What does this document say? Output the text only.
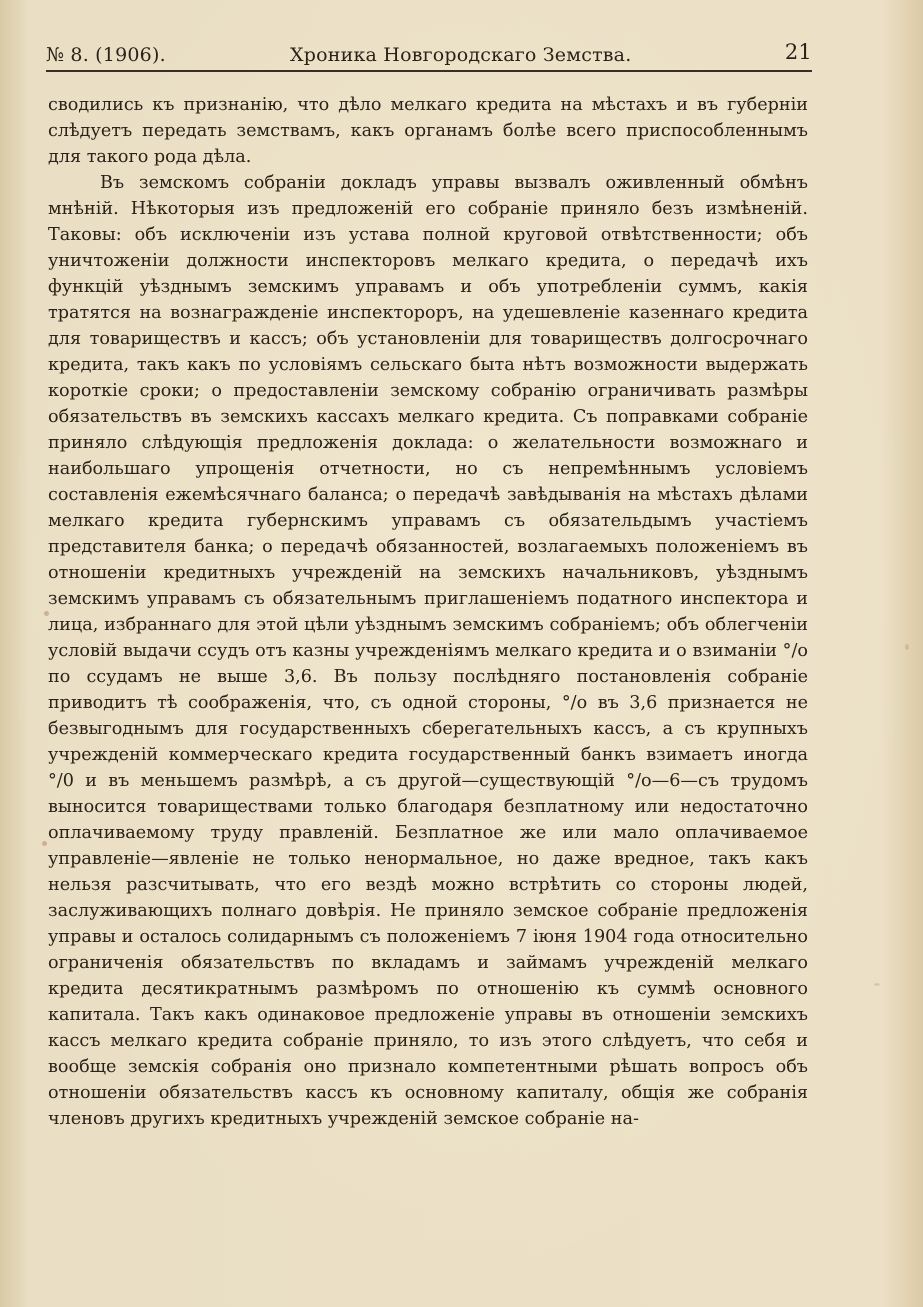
№ 8. (1906).	Хроника Новгородскаго Земства.	21

сводились къ признанію, что дѣло мелкаго кредита на мѣстахъ и въ губерніи слѣдуетъ передать земствамъ, какъ органамъ болѣе всего приспособленнымъ для такого рода дѣла.

Въ земскомъ собраніи докладъ управы вызвалъ оживленный обмѣнъ мнѣній. Нѣкоторыя изъ предложеній его собраніе приняло безъ измѣненій. Таковы: объ исключеніи изъ устава полной круговой отвѣтственности; объ уничтоженіи должности инспекторовъ мелкаго кредита, о передачѣ ихъ функцій уѣзднымъ земскимъ управамъ и объ употребленіи суммъ, какія тратятся на вознагражденіе инспектороръ, на удешевленіе казеннаго кредита для товариществъ и кассъ; объ установленіи для товариществъ долгосрочнаго кредита, такъ какъ по условіямъ сельскаго быта нѣтъ возможности выдержать короткіе сроки; о предоставленіи земскому собранію ограничивать размѣры обязательствъ въ земскихъ кассахъ мелкаго кредита. Съ поправками собраніе приняло слѣдующія предложенія доклада: о желательности возможнаго и наибольшаго упрощенія отчетности, но съ непремѣннымъ условіемъ составленія ежемѣсячнаго баланса; о передачѣ завѣдыванія на мѣстахъ дѣлами мелкаго кредита губернскимъ управамъ съ обязательдымъ участіемъ представителя банка; о передачѣ обязанностей, возлагаемыхъ положеніемъ въ отношеніи кредитныхъ учрежденій на земскихъ начальниковъ, уѣзднымъ земскимъ управамъ съ обязательнымъ приглашеніемъ податного инспектора и лица, избраннаго для этой цѣли уѣзднымъ земскимъ собраніемъ; объ облегченіи условій выдачи ссудъ отъ казны учрежденіямъ мелкаго кредита и о взиманіи °/о по ссудамъ не выше 3,6. Въ пользу послѣдняго постановленія собраніе приводитъ тѣ соображенія, что, съ одной стороны, °/о въ 3,6 признается не безвыгоднымъ для государственныхъ сберегательныхъ кассъ, а съ крупныхъ учрежденій коммерческаго кредита государственный банкъ взимаетъ иногда °/0 и въ меньшемъ размѣрѣ, а съ другой—существующій °/о—6—съ трудомъ выносится товариществами только благодаря безплатному или недостаточно оплачиваемому труду правленій. Безплатное же или мало оплачиваемое управленіе—явленіе не только ненормальное, но даже вредное, такъ какъ нельзя разсчитывать, что его вездѣ можно встрѣтить со стороны людей, заслуживающихъ полнаго довѣрія. Не приняло земское собраніе предложенія управы и осталось солидарнымъ съ положеніемъ 7 іюня 1904 года относительно ограниченія обязательствъ по вкладамъ и займамъ учрежденій мелкаго кредита десятикратнымъ размѣромъ по отношенію къ суммѣ основного капитала. Такъ какъ одинаковое предложеніе управы въ отношеніи земскихъ кассъ мелкаго кредита собраніе приняло, то изъ этого слѣдуетъ, что себя и вообще земскія собранія оно признало компетентными рѣшать вопросъ объ отношеніи обязательствъ кассъ къ основному капиталу, общія же собранія членовъ другихъ кредитныхъ учрежденій земское собраніе на-
